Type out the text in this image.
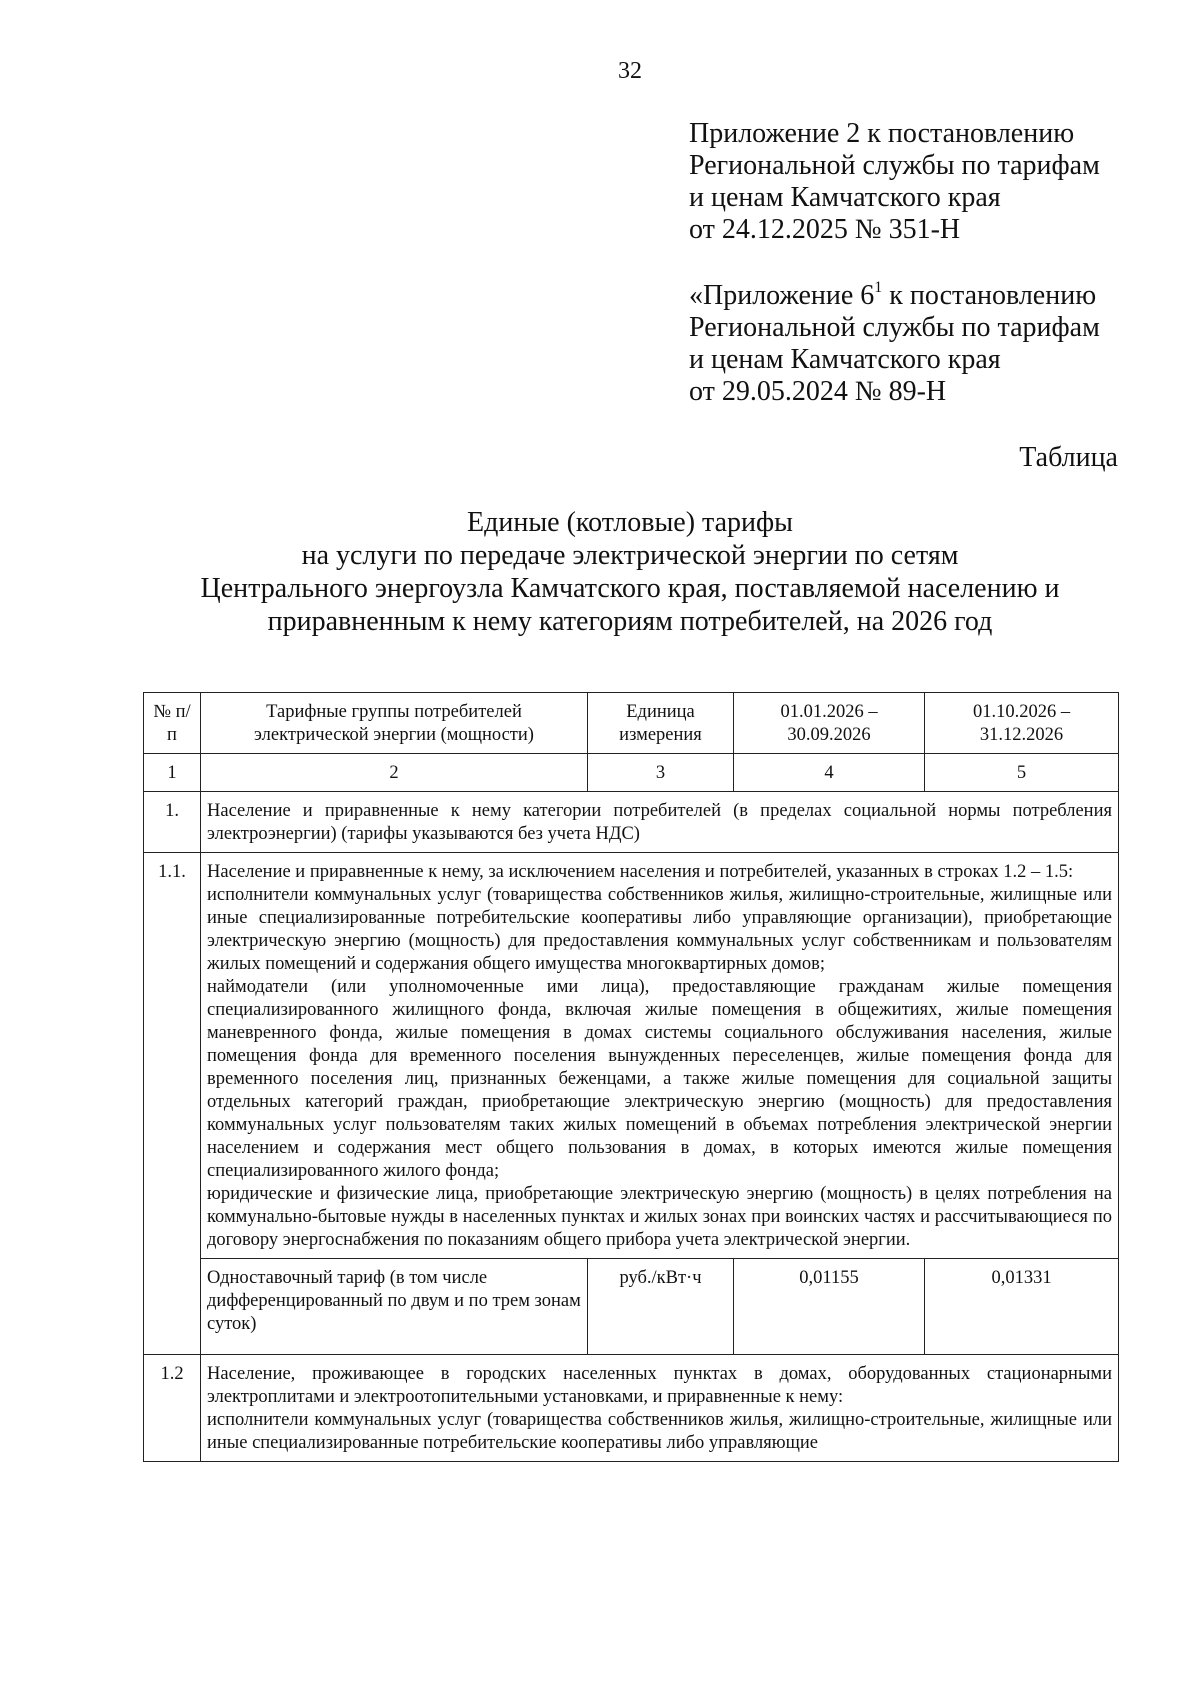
32
Приложение 2 к постановлению
Региональной службы по тарифам
и ценам Камчатского края
от 24.12.2025 № 351-Н
«Приложение $6^1$ к постановлению
Региональной службы по тарифам
и ценам Камчатского края
от 29.05.2024 № 89-Н
Таблица
Единые (котловые) тарифы
на услуги по передаче электрической энергии по сетям
Центрального энергоузла Камчатского края, поставляемой населению и
приравненным к нему категориям потребителей, на 2026 год
№ п/п	Тарифные группы потребителей электрической энергии (мощности)	Единица измерения	01.01.2026 – 30.09.2026	01.10.2026 – 31.12.2026
1	2	3	4	5
1.	Население и приравненные к нему категории потребителей (в пределах социальной нормы потребления электроэнергии) (тарифы указываются без учета НДС)			
1.1.	Население и приравненные к нему, за исключением населения и потребителей, указанных в строках 1.2 – 1.5:
исполнители коммунальных услуг (товарищества собственников жилья, жилищно-строительные, жилищные или иные специализированные потребительские кооперативы либо управляющие организации), приобретающие электрическую энергию (мощность) для предоставления коммунальных услуг собственникам и пользователям жилых помещений и содержания общего имущества многоквартирных домов;
наймодатели (или уполномоченные ими лица), предоставляющие гражданам жилые помещения специализированного жилищного фонда, включая жилые помещения в общежитиях, жилые помещения маневренного фонда, жилые помещения в домах системы социального обслуживания населения, жилые помещения фонда для временного поселения вынужденных переселенцев, жилые помещения фонда для временного поселения лиц, признанных беженцами, а также жилые помещения для социальной защиты отдельных категорий граждан, приобретающие электрическую энергию (мощность) для предоставления коммунальных услуг пользователям таких жилых помещений в объемах потребления электрической энергии населением и содержания мест общего пользования в домах, в которых имеются жилые помещения специализированного жилого фонда;
юридические и физические лица, приобретающие электрическую энергию (мощность) в целях потребления на коммунально-бытовые нужды в населенных пунктах и жилых зонах при воинских частях и рассчитывающиеся по договору энергоснабжения по показаниям общего прибора учета электрической энергии.			

	Одноставочный тариф (в том числе дифференцированный по двум и по трем зонам суток)	руб./кВт·ч	0,01155	0,01331
1.2	Население, проживающее в городских населенных пунктах в домах, оборудованных стационарными электроплитами и электроотопительными установками, и приравненные к нему:
исполнители коммунальных услуг (товарищества собственников жилья, жилищно-строительные, жилищные или иные специализированные потребительские кооперативы либо управляющие			
